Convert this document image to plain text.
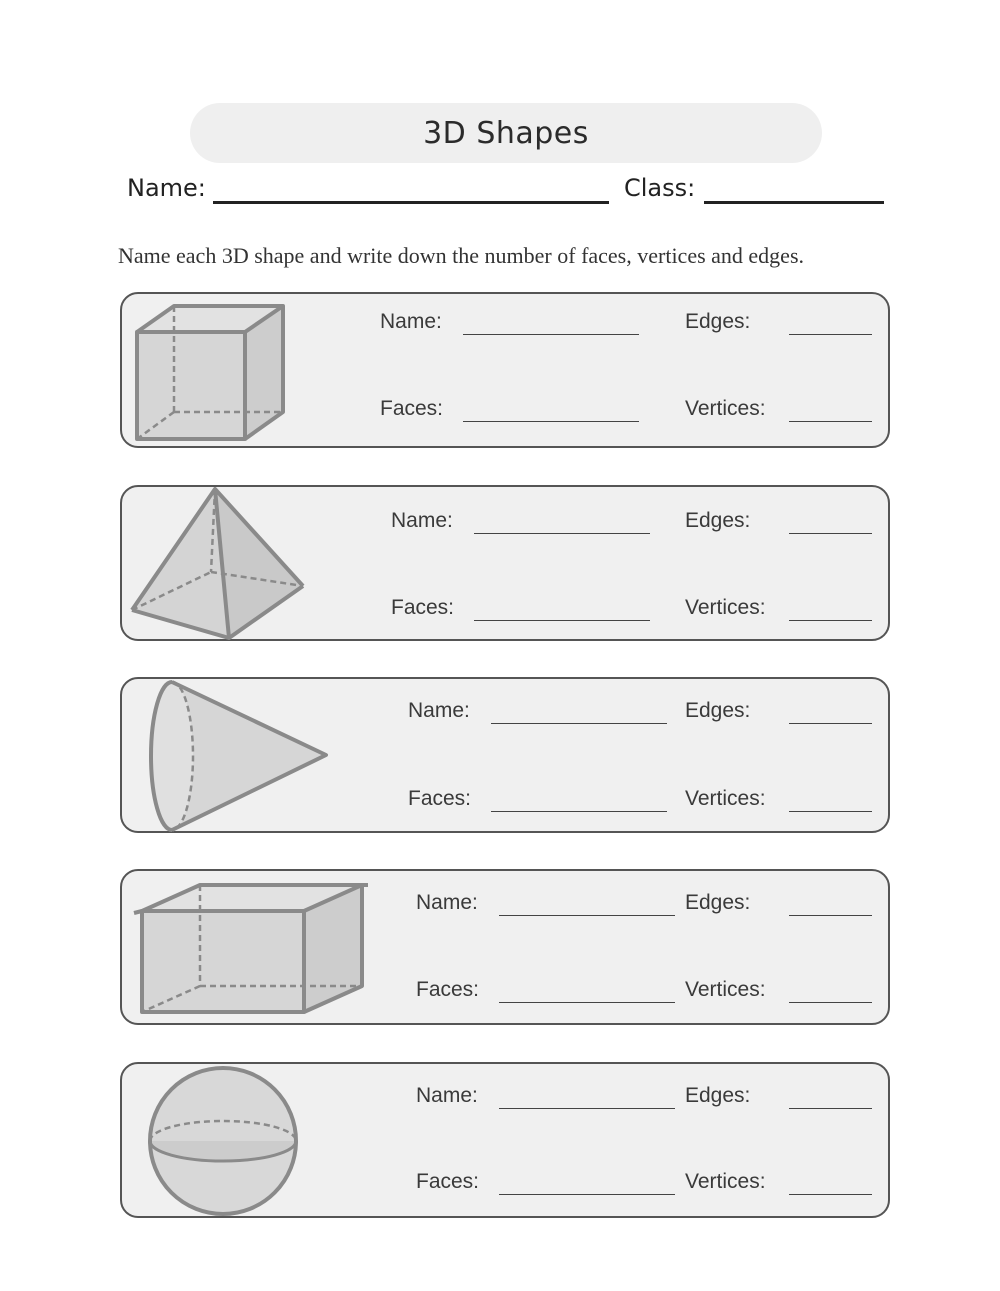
3D Shapes
Name:	Class:
Name each 3D shape and write down the number of faces, vertices and edges.
Name:	Edges:
Faces:	Vertices:
Name:	Edges:
Faces:	Vertices:
Name:	Edges:
Faces:	Vertices:
Name:	Edges:
Faces:	Vertices:
Name:	Edges:
Faces:	Vertices:
